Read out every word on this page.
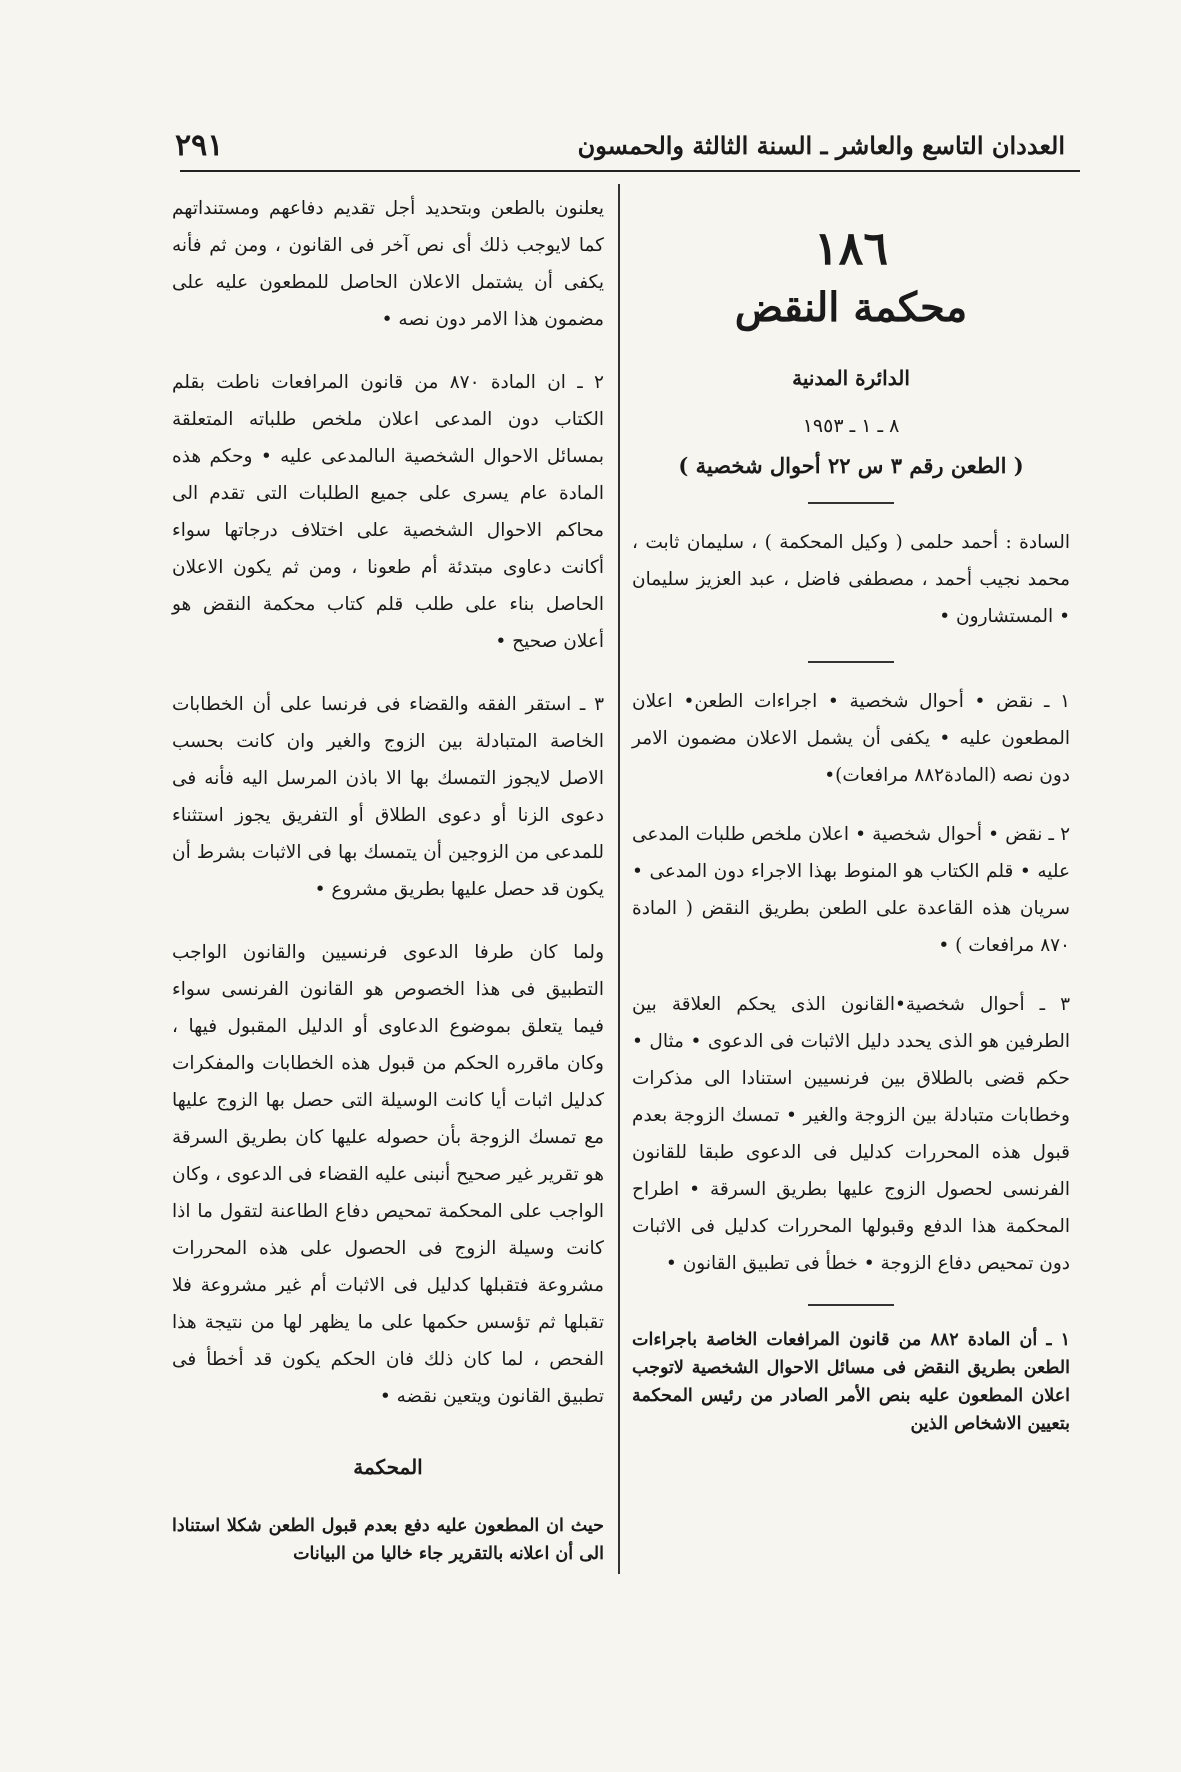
العددان التاسع والعاشر ـ السنة الثالثة والحمسون
٢٩١
١٨٦
محكمة النقض
الدائرة المدنية
٨ ـ ١ ـ ١٩٥٣
( الطعن رقم ٣ س ٢٢ أحوال شخصية )

السادة : أحمد حلمى ( وكيل المحكمة ) ، سليمان ثابت ، محمد نجيب أحمد ، مصطفى فاضل ، عبد العزيز سليمان • المستشارون •

١ ـ نقض • أحوال شخصية • اجراءات الطعن• اعلان المطعون عليه • يكفى أن يشمل الاعلان مضمون الامر دون نصه (المادة٨٨٢ مرافعات)•

٢ ـ نقض • أحوال شخصية • اعلان ملخص طلبات المدعى عليه • قلم الكتاب هو المنوط بهذا الاجراء دون المدعى • سريان هذه القاعدة على الطعن بطريق النقض ( المادة ٨٧٠ مرافعات ) •

٣ ـ أحوال شخصية•القانون الذى يحكم العلاقة بين الطرفين هو الذى يحدد دليل الاثبات فى الدعوى • مثال • حكم قضى بالطلاق بين فرنسيين استنادا الى مذكرات وخطابات متبادلة بين الزوجة والغير • تمسك الزوجة بعدم قبول هذه المحررات كدليل فى الدعوى طبقا للقانون الفرنسى لحصول الزوج عليها بطريق السرقة • اطراح المحكمة هذا الدفع وقبولها المحررات كدليل فى الاثبات دون تمحيص دفاع الزوجة • خطأ فى تطبيق القانون •

١ ـ أن المادة ٨٨٢ من قانون المرافعات الخاصة باجراءات الطعن بطريق النقض فى مسائل الاحوال الشخصية لاتوجب اعلان المطعون عليه بنص الأمر الصادر من رئيس المحكمة بتعيين الاشخاص الذين

يعلنون بالطعن وبتحديد أجل تقديم دفاعهم ومستنداتهم كما لايوجب ذلك أى نص آخر فى القانون ، ومن ثم فأنه يكفى أن يشتمل الاعلان الحاصل للمطعون عليه على مضمون هذا الامر دون نصه •

٢ ـ ان المادة ٨٧٠ من قانون المرافعات ناطت بقلم الكتاب دون المدعى اعلان ملخص طلباته المتعلقة بمسائل الاحوال الشخصية الىالمدعى عليه • وحكم هذه المادة عام يسرى على جميع الطلبات التى تقدم الى محاكم الاحوال الشخصية على اختلاف درجاتها سواء أكانت دعاوى مبتدئة أم طعونا ، ومن ثم يكون الاعلان الحاصل بناء على طلب قلم كتاب محكمة النقض هو أعلان صحيح •

٣ ـ استقر الفقه والقضاء فى فرنسا على أن الخطابات الخاصة المتبادلة بين الزوج والغير وان كانت بحسب الاصل لايجوز التمسك بها الا باذن المرسل اليه فأنه فى دعوى الزنا أو دعوى الطلاق أو التفريق يجوز استثناء للمدعى من الزوجين أن يتمسك بها فى الاثبات بشرط أن يكون قد حصل عليها بطريق مشروع •

ولما كان طرفا الدعوى فرنسيين والقانون الواجب التطبيق فى هذا الخصوص هو القانون الفرنسى سواء فيما يتعلق بموضوع الدعاوى أو الدليل المقبول فيها ، وكان ماقرره الحكم من قبول هذه الخطابات والمفكرات كدليل اثبات أيا كانت الوسيلة التى حصل بها الزوج عليها مع تمسك الزوجة بأن حصوله عليها كان بطريق السرقة هو تقرير غير صحيح أنبنى عليه القضاء فى الدعوى ، وكان الواجب على المحكمة تمحيص دفاع الطاعنة لتقول ما اذا كانت وسيلة الزوج فى الحصول على هذه المحررات مشروعة فتقبلها كدليل فى الاثبات أم غير مشروعة فلا تقبلها ثم تؤسس حكمها على ما يظهر لها من نتيجة هذا الفحص ، لما كان ذلك فان الحكم يكون قد أخطأ فى تطبيق القانون ويتعين نقضه •

المحكمة

حيث ان المطعون عليه دفع بعدم قبول الطعن شكلا استنادا الى أن اعلانه بالتقرير جاء خاليا من البيانات
